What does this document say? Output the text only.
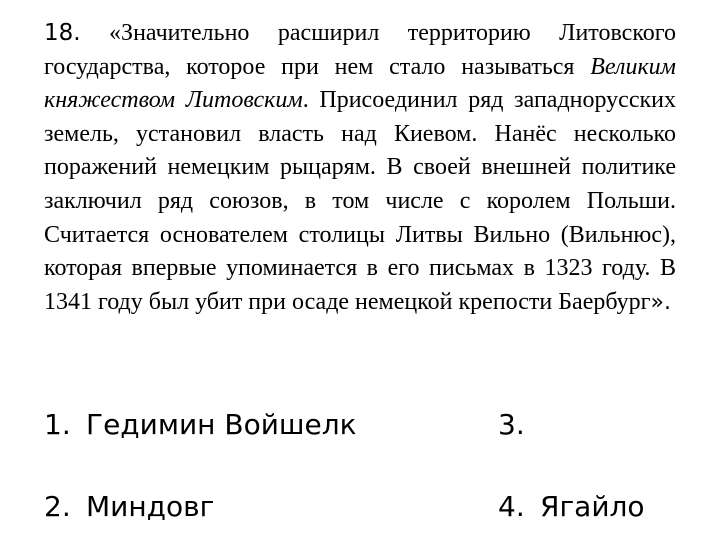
18. «Значительно расширил территорию Литовского государства, которое при нем стало называться Великим княжеством Литовским. Присоединил ряд западнорусских земель, установил власть над Киевом. Нанёс несколько поражений немецким рыцарям. В своей внешней политике заключил ряд союзов, в том числе с королем Польши. Считается основателем столицы Литвы Вильно (Вильнюс), которая впервые упоминается в его письмах в 1323 году. В 1341 году был убит при осаде немецкой крепости Баербург».
1. Гедимин Войшелк
2. Миндовг
3.
4. Ягайло
